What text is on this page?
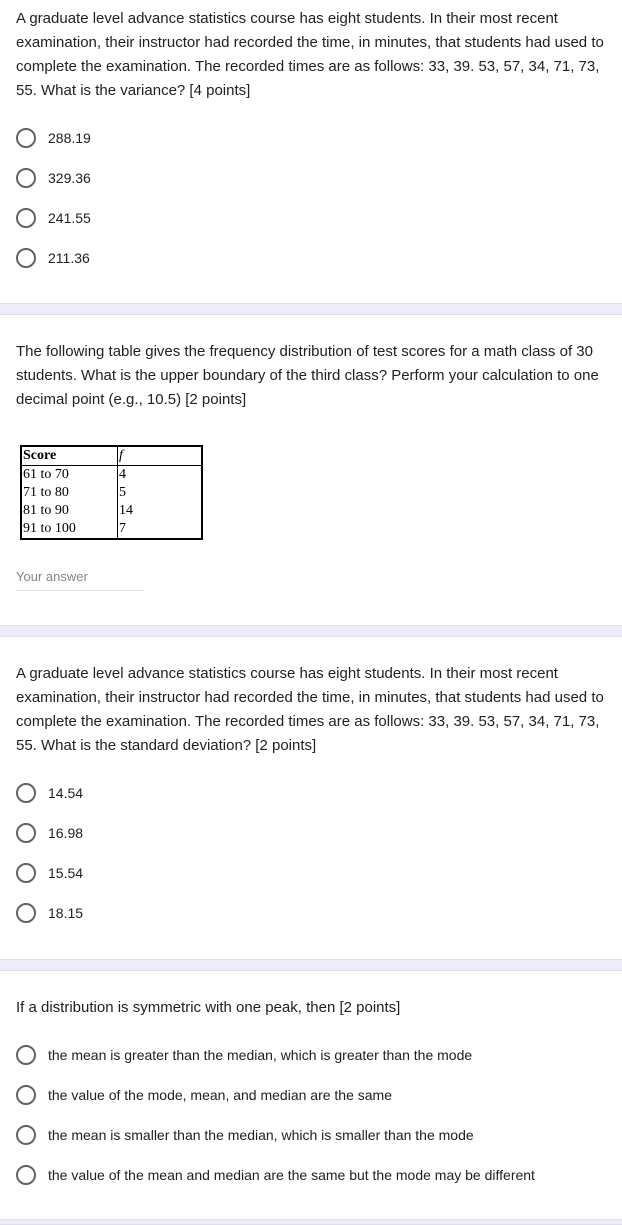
A graduate level advance statistics course has eight students. In their most recent examination, their instructor had recorded the time, in minutes, that students had used to complete the examination. The recorded times are as follows: 33, 39. 53, 57, 34, 71, 73, 55. What is the variance? [4 points]

288.19
329.36
241.55
211.36

The following table gives the frequency distribution of test scores for a math class of 30 students. What is the upper boundary of the third class? Perform your calculation to one decimal point (e.g., 10.5) [2 points]

Score	f
61 to 70	4
71 to 80	5
81 to 90	14
91 to 100	7
Your answer

A graduate level advance statistics course has eight students. In their most recent examination, their instructor had recorded the time, in minutes, that students had used to complete the examination. The recorded times are as follows: 33, 39. 53, 57, 34, 71, 73, 55. What is the standard deviation? [2 points]

14.54
16.98
15.54
18.15

If a distribution is symmetric with one peak, then [2 points]

the mean is greater than the median, which is greater than the mode
the value of the mode, mean, and median are the same
the mean is smaller than the median, which is smaller than the mode
the value of the mean and median are the same but the mode may be different
